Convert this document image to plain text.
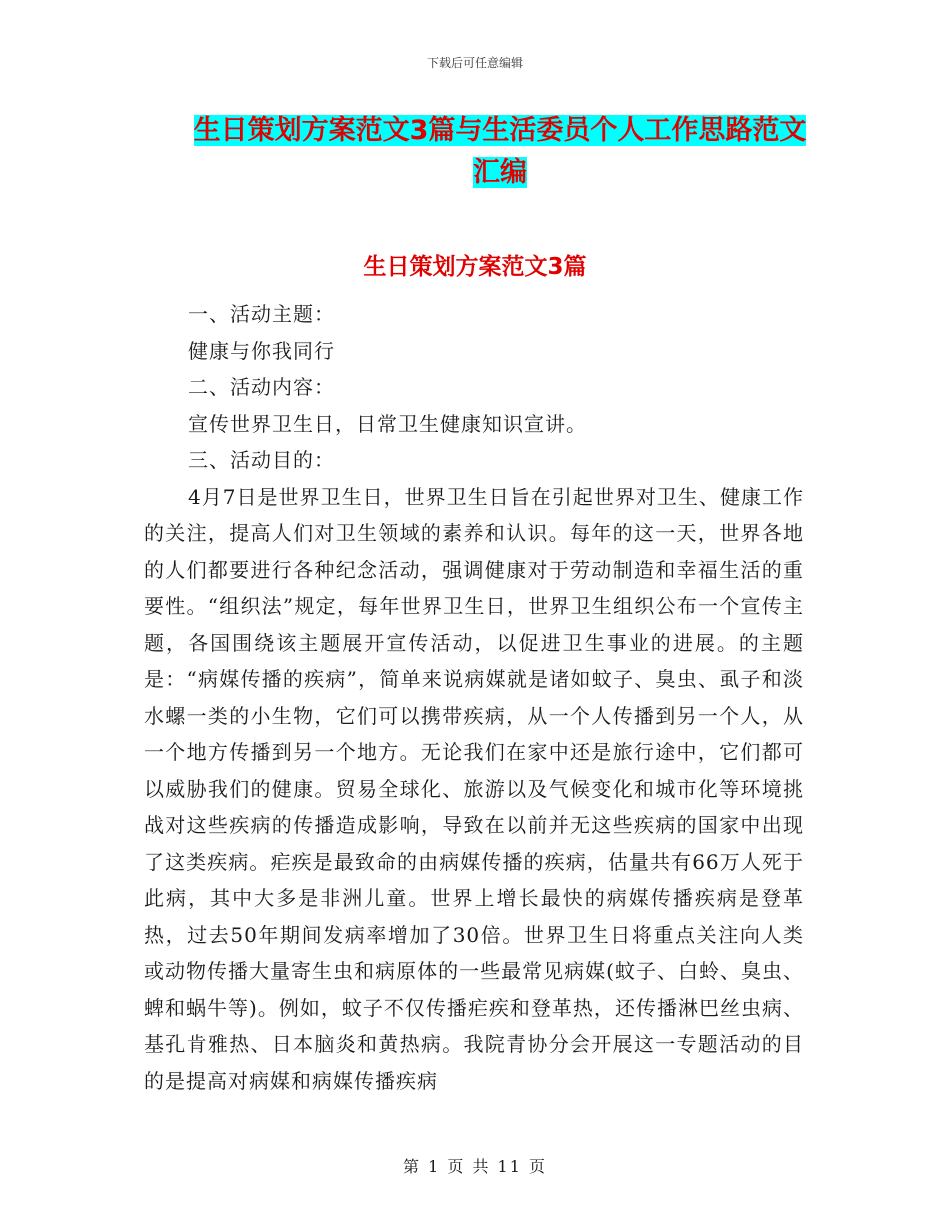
下载后可任意编辑
生日策划方案范文3篇与生活委员个人工作思路范文
汇编
生日策划方案范文3篇

一、活动主题：

健康与你我同行

二、活动内容：

宣传世界卫生日，日常卫生健康知识宣讲。

三、活动目的：

4月7日是世界卫生日，世界卫生日旨在引起世界对卫生、健康工作的关注，提高人们对卫生领域的素养和认识。每年的这一天，世界各地的人们都要进行各种纪念活动，强调健康对于劳动制造和幸福生活的重要性。“组织法”规定，每年世界卫生日，世界卫生组织公布一个宣传主题，各国围绕该主题展开宣传活动，以促进卫生事业的进展。的主题是：“病媒传播的疾病”，简单来说病媒就是诸如蚊子、臭虫、虱子和淡水螺一类的小生物，它们可以携带疾病，从一个人传播到另一个人，从一个地方传播到另一个地方。无论我们在家中还是旅行途中，它们都可以威胁我们的健康。贸易全球化、旅游以及气候变化和城市化等环境挑战对这些疾病的传播造成影响，导致在以前并无这些疾病的国家中出现了这类疾病。疟疾是最致命的由病媒传播的疾病，估量共有66万人死于此病，其中大多是非洲儿童。世界上增长最快的病媒传播疾病是登革热，过去50年期间发病率增加了30倍。世界卫生日将重点关注向人类或动物传播大量寄生虫和病原体的一些最常见病媒(蚊子、白蛉、臭虫、蜱和蜗牛等)。例如，蚊子不仅传播疟疾和登革热，还传播淋巴丝虫病、基孔肯雅热、日本脑炎和黄热病。我院青协分会开展这一专题活动的目的是提高对病媒和病媒传播疾病

第 1 页 共 11 页
